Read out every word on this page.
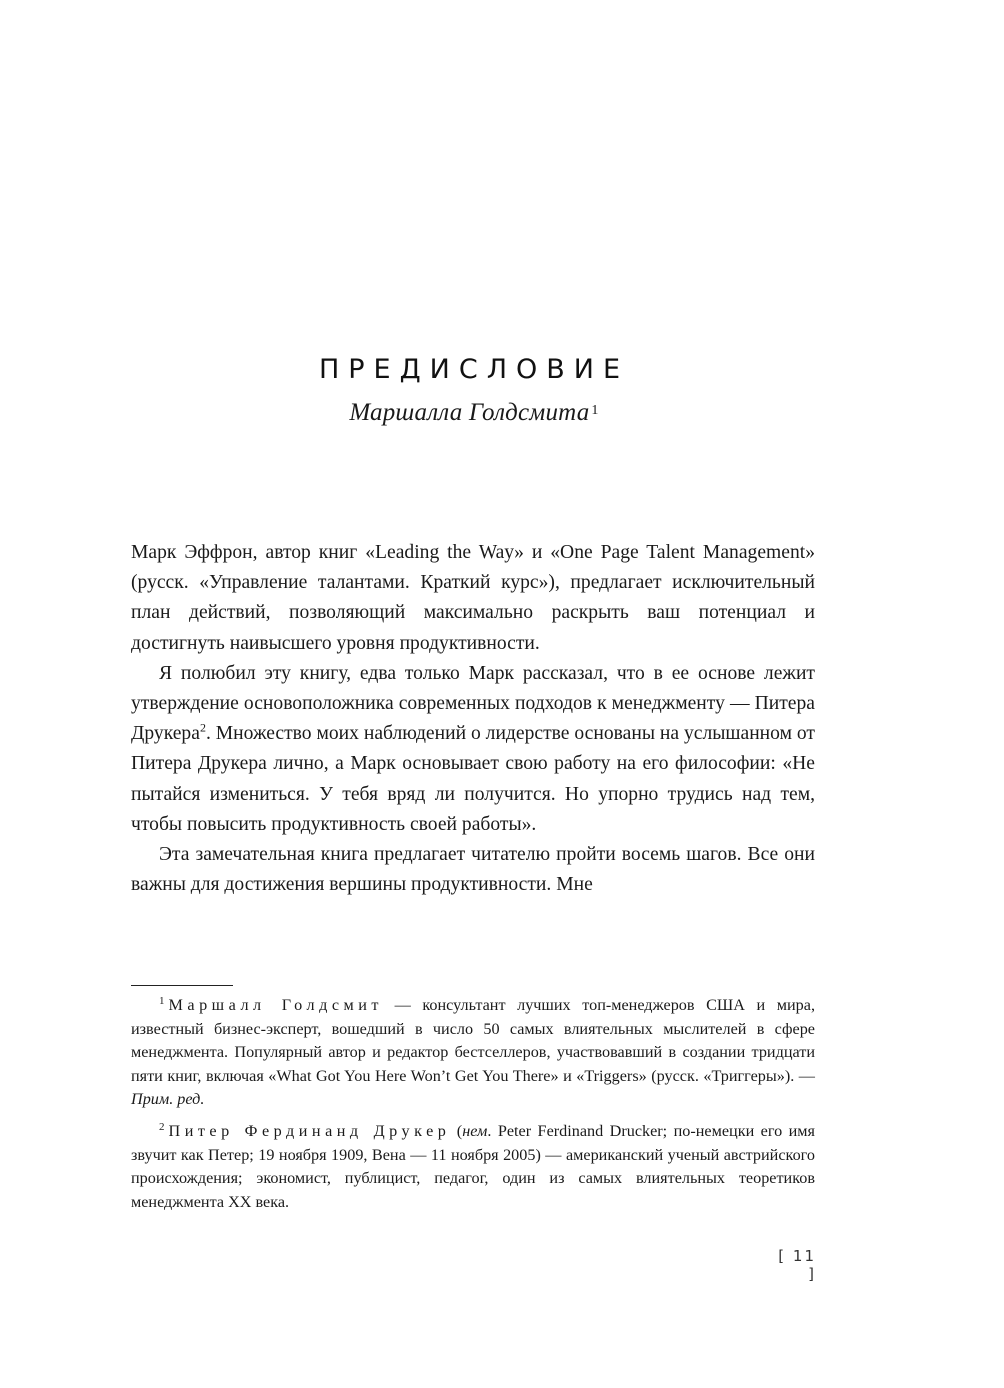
ПРЕДИСЛОВИЕ
Маршалла Голдсмита $^1$

Марк Эффрон, автор книг «Leading the Way» и «One Page Talent Management» (русск. «Управление талантами. Краткий курс»), предлагает исключительный план действий, позволяющий максимально раскрыть ваш потенциал и достигнуть наивысшего уровня продуктивности.

Я полюбил эту книгу, едва только Марк рассказал, что в ее основе лежит утверждение основоположника современных подходов к менеджменту — Питера Друкера$^2$. Множество моих наблюдений о лидерстве основаны на услышанном от Питера Друкера лично, а Марк основывает свою работу на его философии: «Не пытайся измениться. У тебя вряд ли получится. Но упорно трудись над тем, чтобы повысить продуктивность своей работы».

Эта замечательная книга предлагает читателю пройти восемь шагов. Все они важны для достижения вершины продуктивности. Мне

$^1$ Маршалл Голдсмит — консультант лучших топ-менеджеров США и мира, известный бизнес-эксперт, вошедший в число 50 самых влиятельных мыслителей в сфере менеджмента. Популярный автор и редактор бестселлеров, участвовавший в создании тридцати пяти книг, включая «What Got You Here Won’t Get You There» и «Triggers» (русск. «Триггеры»). — Прим. ред.

$^2$ Питер Фердинанд Друкер (нем. Peter Ferdinand Drucker; по-немецки его имя звучит как Петер; 19 ноября 1909, Вена — 11 ноября 2005) — американский ученый австрийского происхождения; экономист, публицист, педагог, один из самых влиятельных теоретиков менеджмента XX века.

[ 11 ]
